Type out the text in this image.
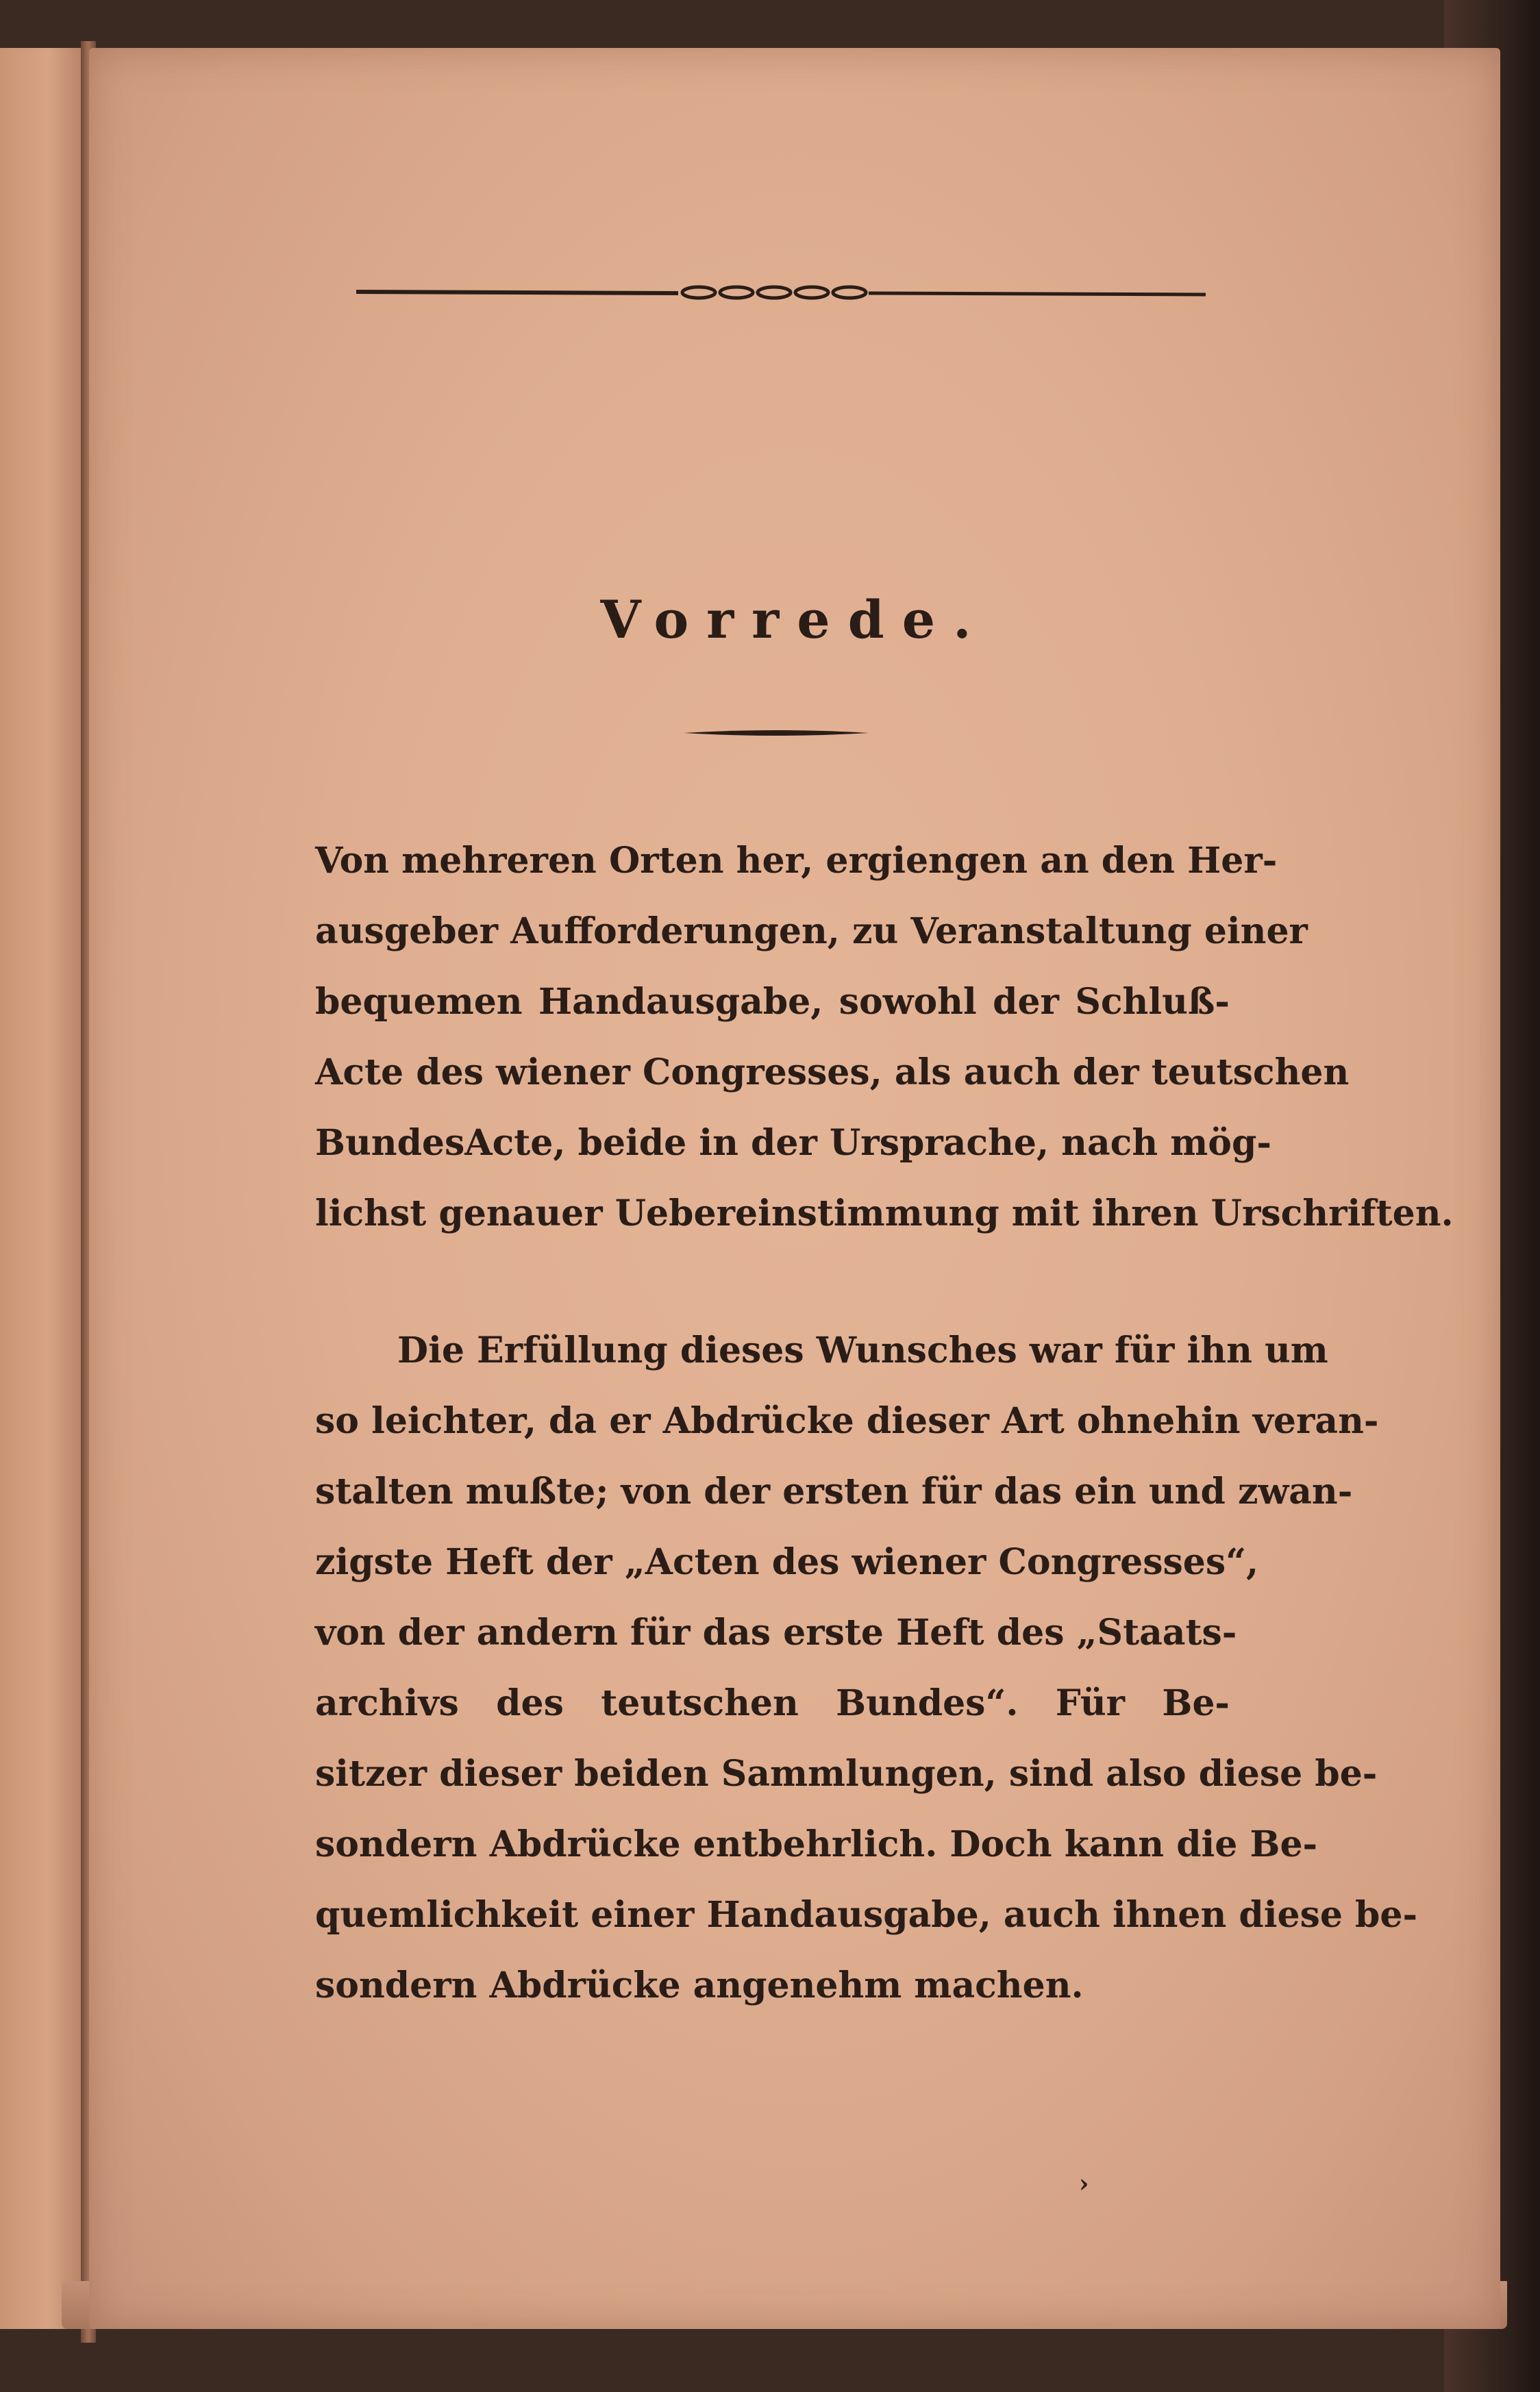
Vorrede.
Von mehreren Orten her, ergiengen an den Her-
ausgeber Aufforderungen, zu Veranstaltung einer
bequemen Handausgabe, sowohl der Schluß-
Acte des wiener Congresses, als auch der teutschen
BundesActe, beide in der Ursprache, nach mög-
lichst genauer Uebereinstimmung mit ihren Urschriften.
Die Erfüllung dieses Wunsches war für ihn um
so leichter, da er Abdrücke dieser Art ohnehin veran-
stalten mußte; von der ersten für das ein und zwan-
zigste Heft der „Acten des wiener Congresses“,
von der andern für das erste Heft des „Staats-
archivs des teutschen Bundes“. Für Be-
sitzer dieser beiden Sammlungen, sind also diese be-
sondern Abdrücke entbehrlich. Doch kann die Be-
quemlichkeit einer Handausgabe, auch ihnen diese be-
sondern Abdrücke angenehm machen.
›
